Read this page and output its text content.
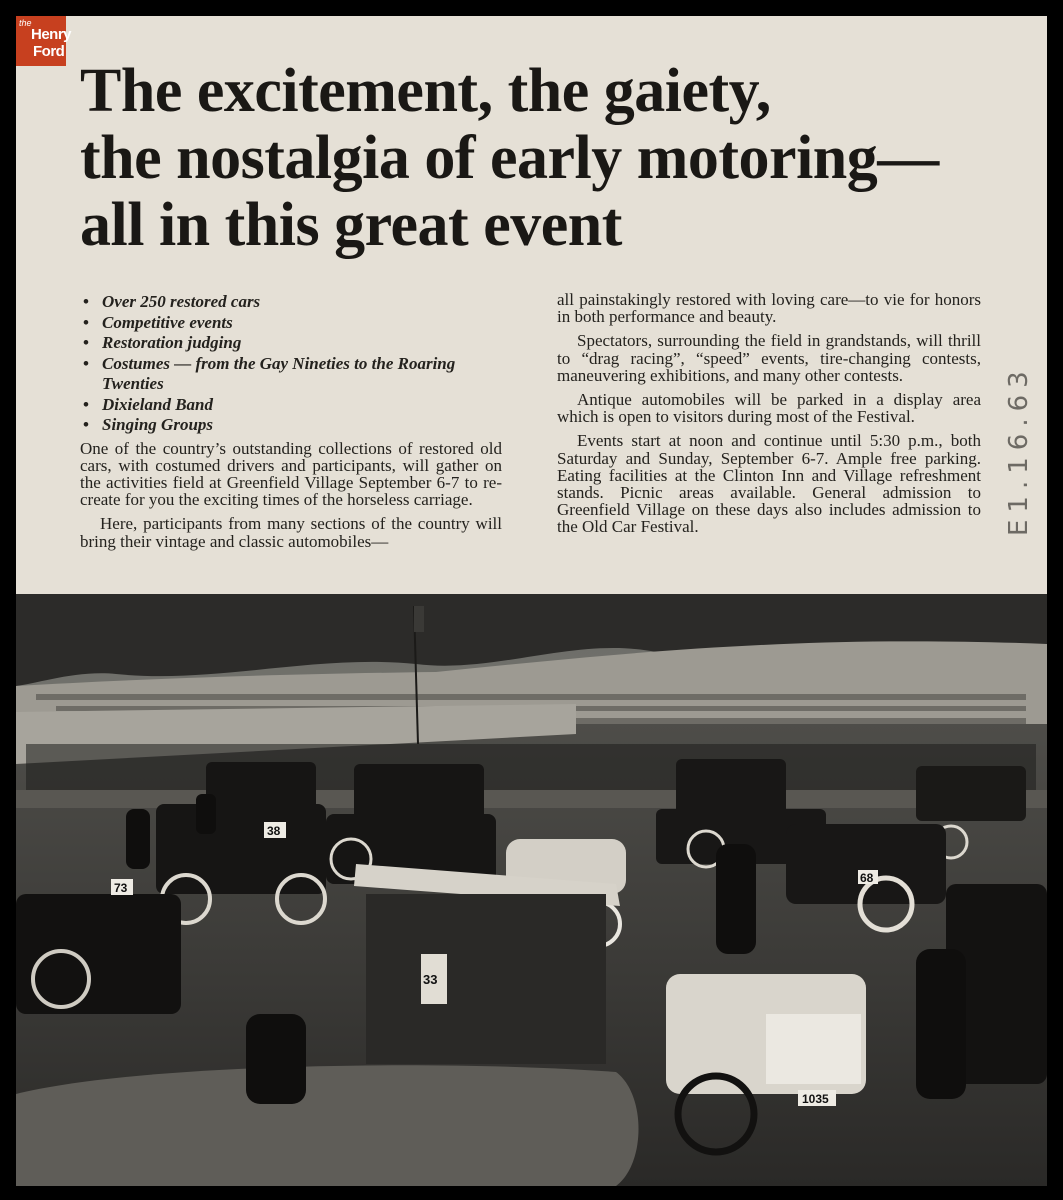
the
Henry
Ford
The excitement, the gaiety,
the nostalgia of early motoring—
all in this great event
• Over 250 restored cars
• Competitive events
• Restoration judging
• Costumes — from the Gay Nineties to the Roaring Twenties
• Dixieland Band
• Singing Groups

One of the country’s outstanding collections of restored old cars, with costumed drivers and participants, will gather on the activities field at Greenfield Village September 6-7 to re-create for you the exciting times of the horseless carriage.

Here, participants from many sections of the country will bring their vintage and classic automobiles—

all painstakingly restored with loving care—to vie for honors in both performance and beauty.

Spectators, surrounding the field in grandstands, will thrill to “drag racing”, “speed” events, tire-changing contests, maneuvering exhibitions, and many other contests.

Antique automobiles will be parked in a display area which is open to visitors during most of the Festival.

Events start at noon and continue until 5:30 p.m., both Saturday and Sunday, September 6-7. Ample free parking. Eating facilities at the Clinton Inn and Village refreshment stands. Picnic areas available. General admission to Greenfield Village on these days also includes admission to the Old Car Festival.	E1.16.63
38
73
68
33
1035
